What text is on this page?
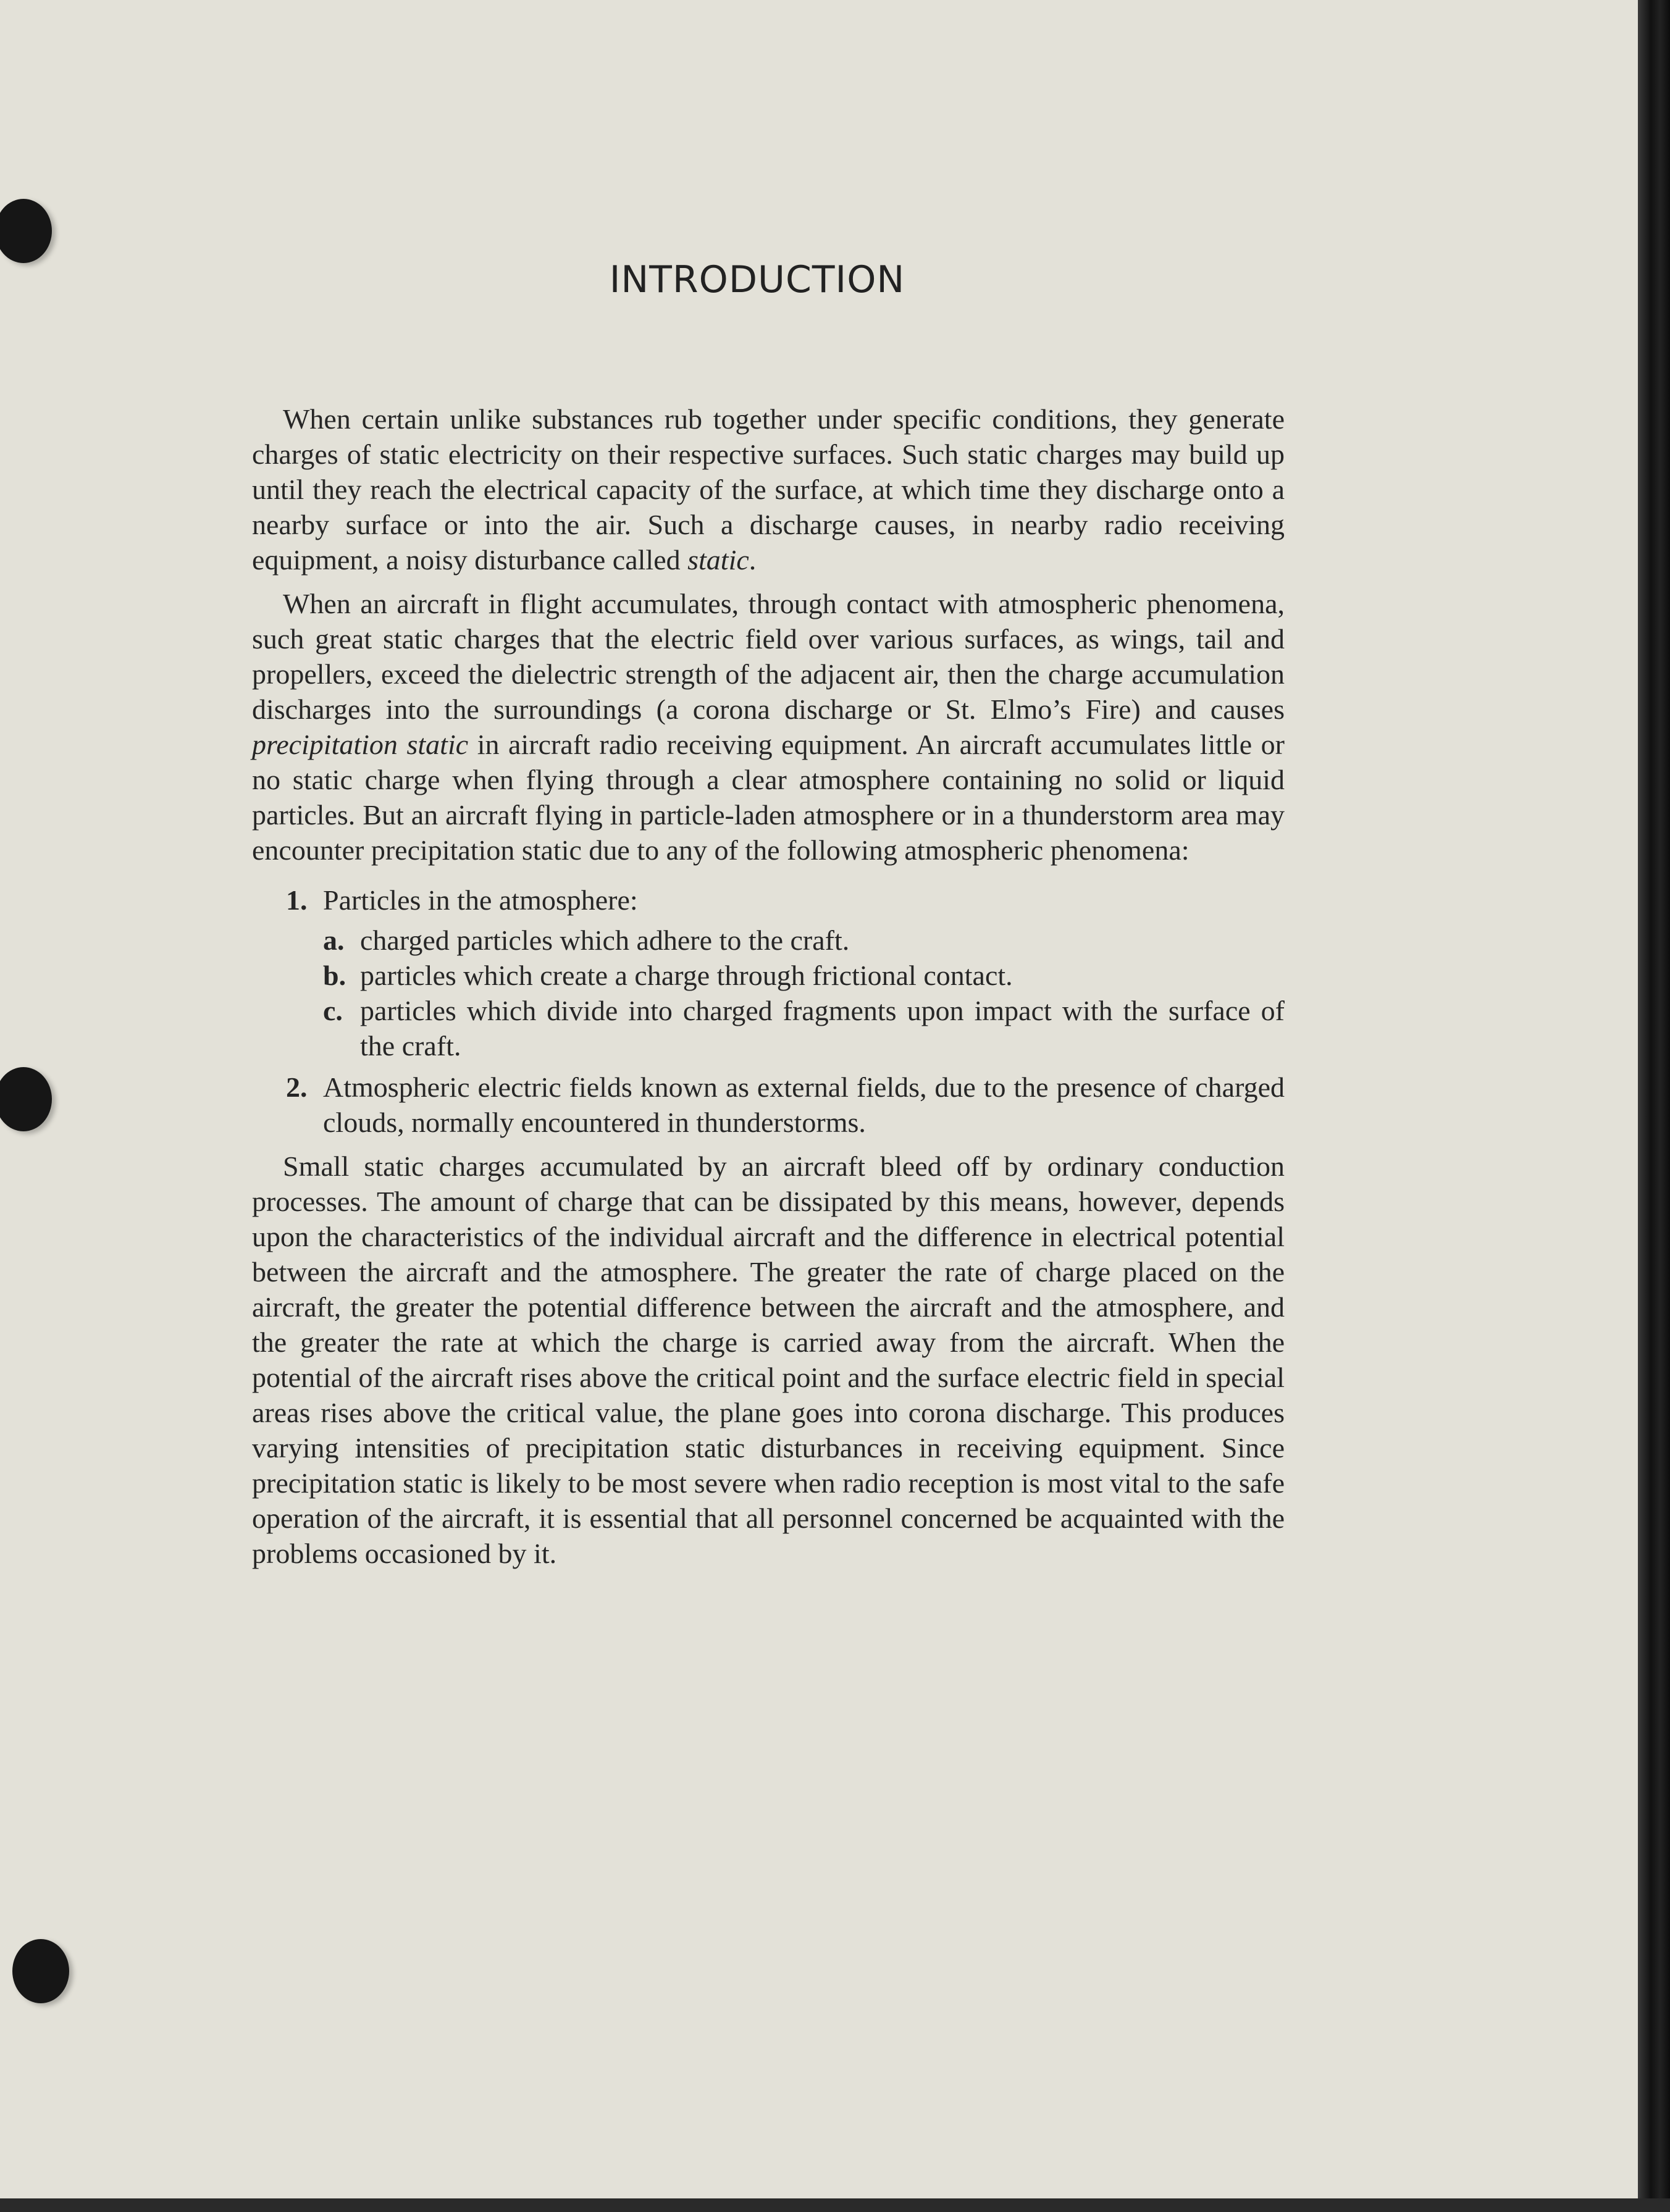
INTRODUCTION

When certain unlike substances rub together under specific conditions, they generate charges of static electricity on their respective surfaces. Such static charges may build up until they reach the electrical capacity of the surface, at which time they discharge onto a nearby surface or into the air. Such a discharge causes, in nearby radio receiving equipment, a noisy disturbance called static.

When an aircraft in flight accumulates, through contact with atmospheric phenomena, such great static charges that the electric field over various surfaces, as wings, tail and propellers, exceed the dielectric strength of the adjacent air, then the charge accumulation discharges into the surroundings (a corona discharge or St. Elmo’s Fire) and causes precipitation static in aircraft radio receiving equipment. An aircraft accumulates little or no static charge when flying through a clear atmosphere containing no solid or liquid particles. But an aircraft flying in particle-laden atmosphere or in a thunderstorm area may encounter precipitation static due to any of the following atmospheric phenomena:

1. Particles in the atmosphere:
a. charged particles which adhere to the craft.
b. particles which create a charge through frictional contact.
c. particles which divide into charged fragments upon impact with the surface of the craft.
2. Atmospheric electric fields known as external fields, due to the presence of charged clouds, normally encountered in thunderstorms.

Small static charges accumulated by an aircraft bleed off by ordinary conduction processes. The amount of charge that can be dissipated by this means, however, depends upon the characteristics of the individual aircraft and the difference in electrical potential between the aircraft and the atmosphere. The greater the rate of charge placed on the aircraft, the greater the potential difference between the aircraft and the atmosphere, and the greater the rate at which the charge is carried away from the aircraft. When the potential of the aircraft rises above the critical point and the surface electric field in special areas rises above the critical value, the plane goes into corona discharge. This produces varying intensities of precipitation static disturbances in receiving equipment. Since precipitation static is likely to be most severe when radio reception is most vital to the safe operation of the aircraft, it is essential that all personnel concerned be acquainted with the problems occasioned by it.
